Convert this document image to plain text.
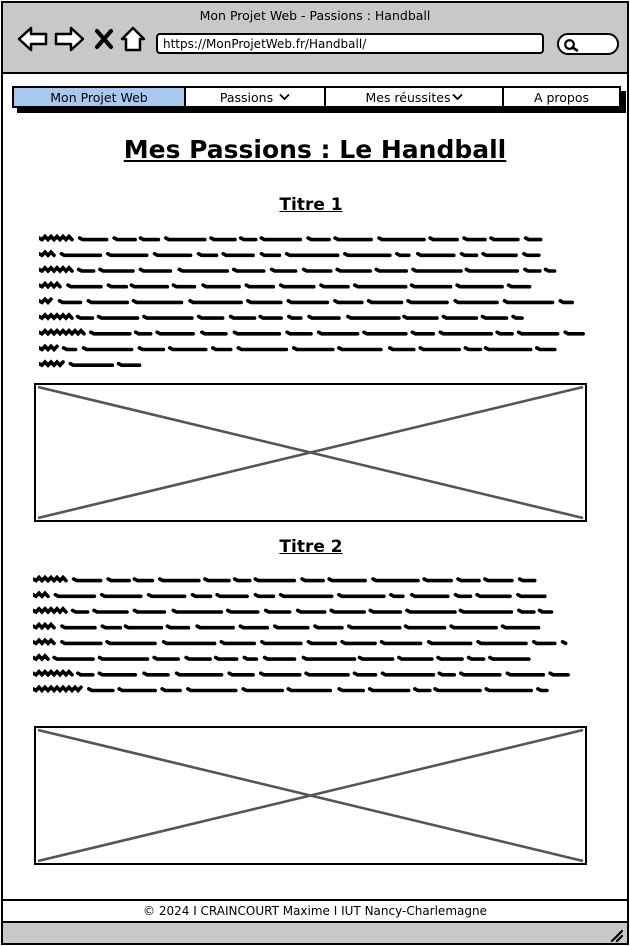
Mon Projet Web - Passions : Handball
https://MonProjetWeb.fr/Handball/
Mon Projet Web	Passions	Mes réussites	A propos
Mes Passions : Le Handball
Titre 1
Titre 2
© 2024 I CRAINCOURT Maxime I IUT Nancy-Charlemagne
